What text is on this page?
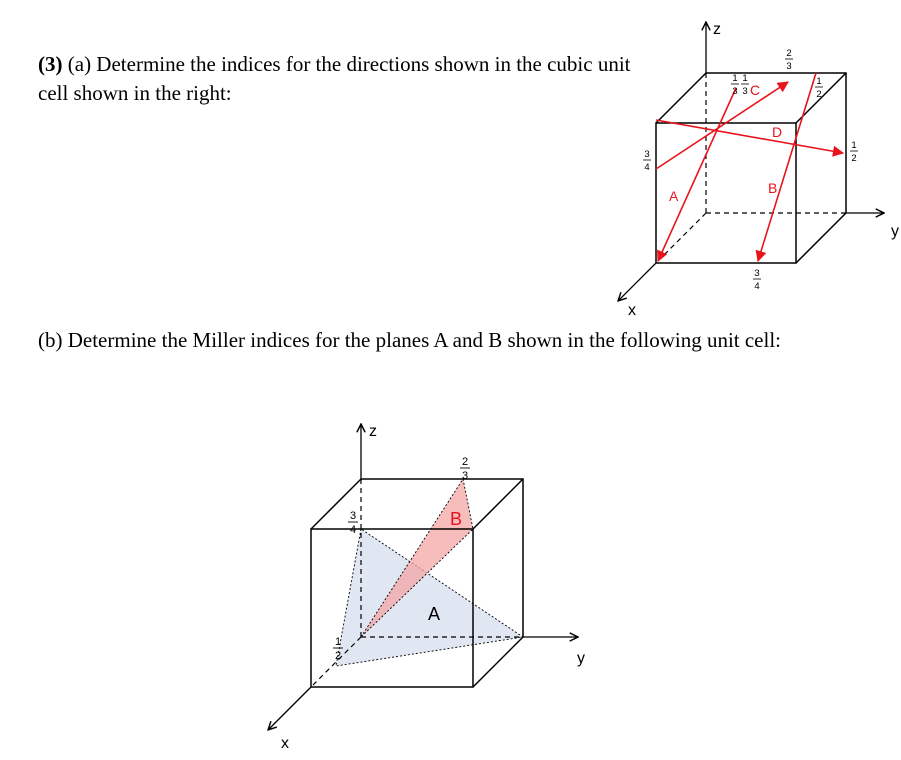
(3) (a) Determine the indices for the directions shown in the cubic unit cell shown in the right:

(b) Determine the Miller indices for the planes A and B shown in the following unit cell:

z
y
x
A	B
C
D
1
3
1
3
2
3
1
2
1
2
3
4
3
4
z
y
x
A
B
2
3
3
4
1
2
